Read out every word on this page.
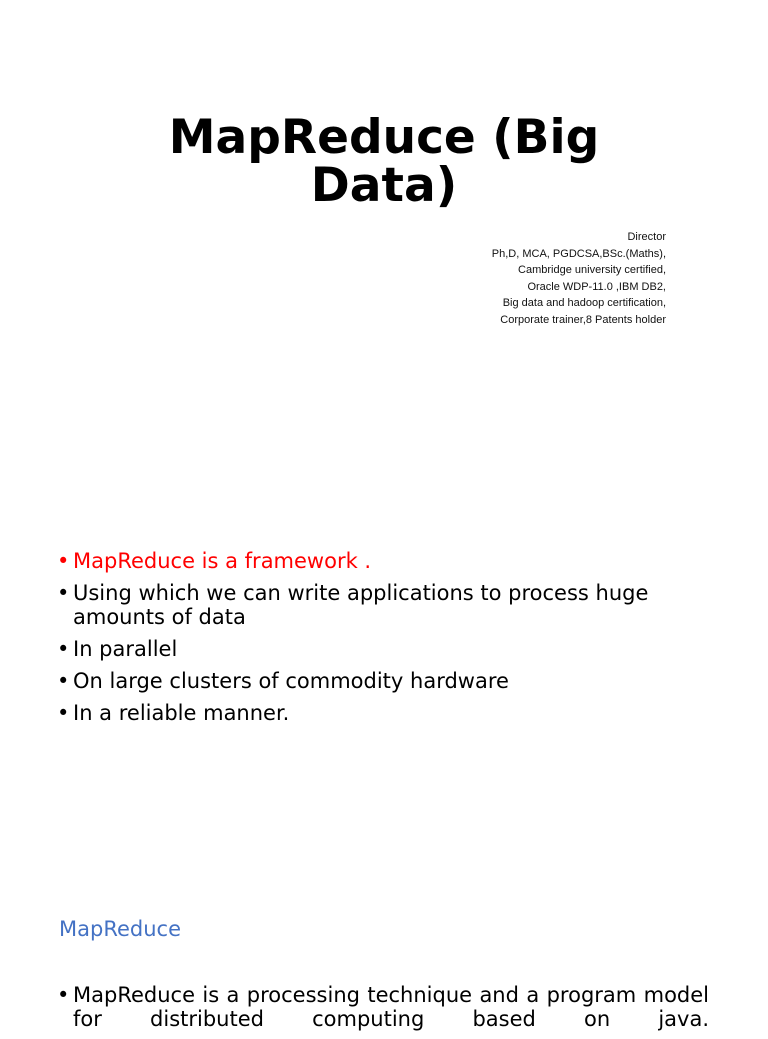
MapReduce (Big
Data)
Director
Ph,D, MCA, PGDCSA,BSc.(Maths),
Cambridge university certified,
Oracle WDP-11.0 ,IBM DB2,
Big data and hadoop certification,
Corporate trainer,8 Patents holder
• MapReduce is a framework .
• Using which we can write applications to process huge amounts of data
• In parallel
• On large clusters of commodity hardware
• In a reliable manner.
MapReduce
• MapReduce is a processing technique and a program model for distributed computing based on java.
